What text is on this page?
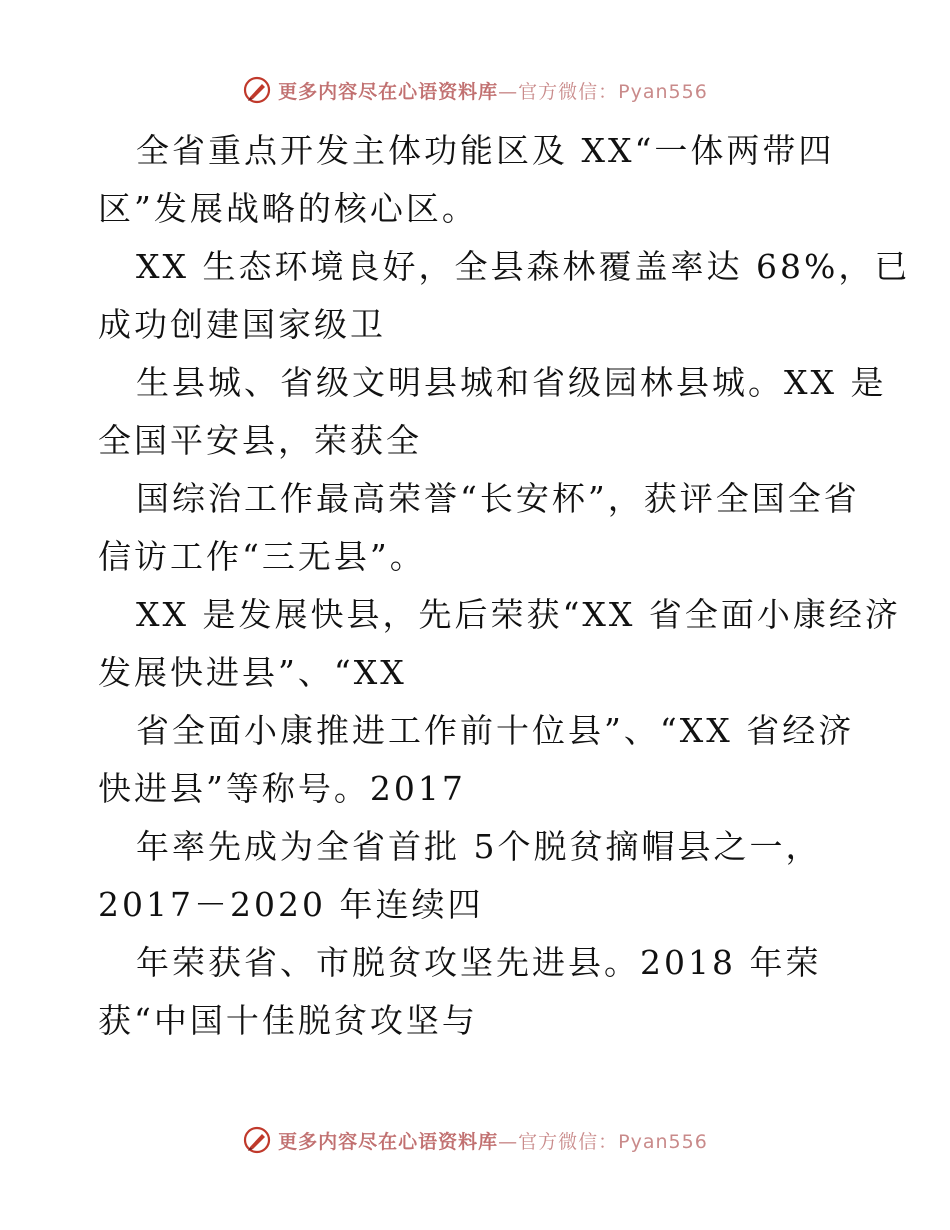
更多内容尽在心语资料库—官方微信：Pyan556
全省重点开发主体功能区及 XX“一体两带四
区”发展战略的核心区。
XX 生态环境良好，全县森林覆盖率达 68%，已
成功创建国家级卫
生县城、省级文明县城和省级园林县城。XX 是
全国平安县，荣获全
国综治工作最高荣誉“长安杯”，获评全国全省
信访工作“三无县”。
XX 是发展快县，先后荣获“XX 省全面小康经济
发展快进县”、“XX
省全面小康推进工作前十位县”、“XX 省经济
快进县”等称号。2017
年率先成为全省首批 5个脱贫摘帽县之一，
2017－2020 年连续四
年荣获省、市脱贫攻坚先进县。2018 年荣
获“中国十佳脱贫攻坚与
更多内容尽在心语资料库—官方微信：Pyan556
